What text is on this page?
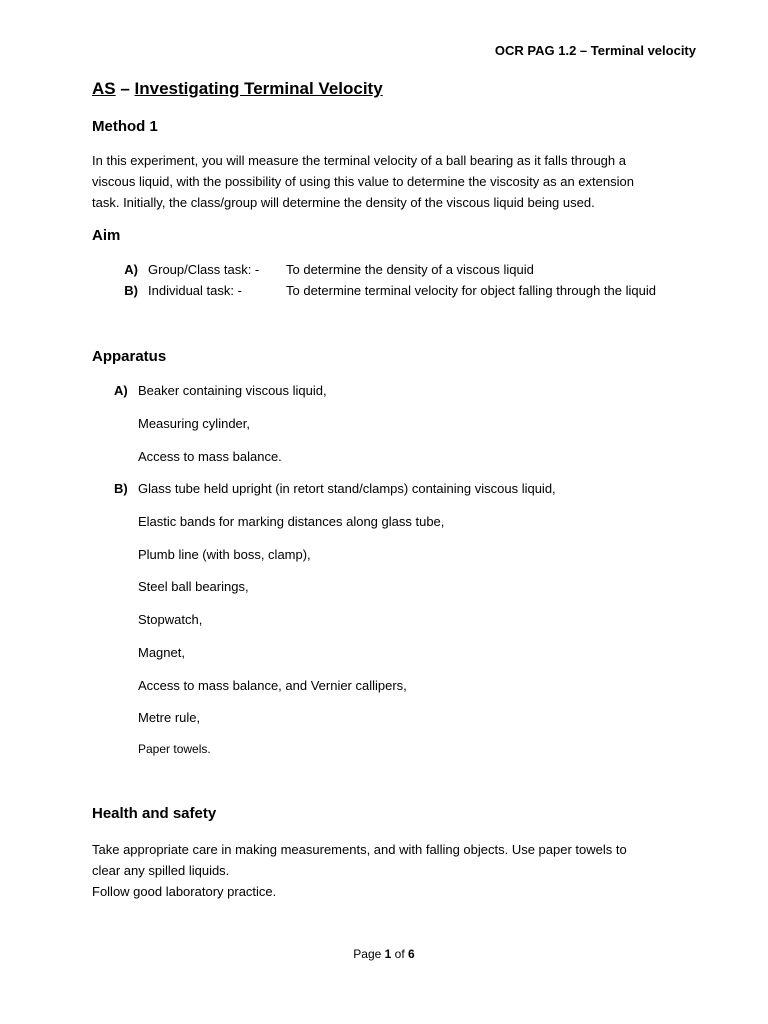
OCR PAG 1.2 – Terminal velocity
AS – Investigating Terminal Velocity
Method 1
In this experiment, you will measure the terminal velocity of a ball bearing as it falls through a
viscous liquid, with the possibility of using this value to determine the viscosity as an extension
task. Initially, the class/group will determine the density of the viscous liquid being used.
Aim
A) Group/Class task: -	To determine the density of a viscous liquid
B) Individual task: -	To determine terminal velocity for object falling through the liquid
Apparatus
A) Beaker containing viscous liquid,
Measuring cylinder,
Access to mass balance.
B) Glass tube held upright (in retort stand/clamps) containing viscous liquid,
Elastic bands for marking distances along glass tube,
Plumb line (with boss, clamp),
Steel ball bearings,
Stopwatch,
Magnet,
Access to mass balance, and Vernier callipers,
Metre rule,
Paper towels.
Health and safety
Take appropriate care in making measurements, and with falling objects. Use paper towels to
clear any spilled liquids.
Follow good laboratory practice.
Page 1 of 6
